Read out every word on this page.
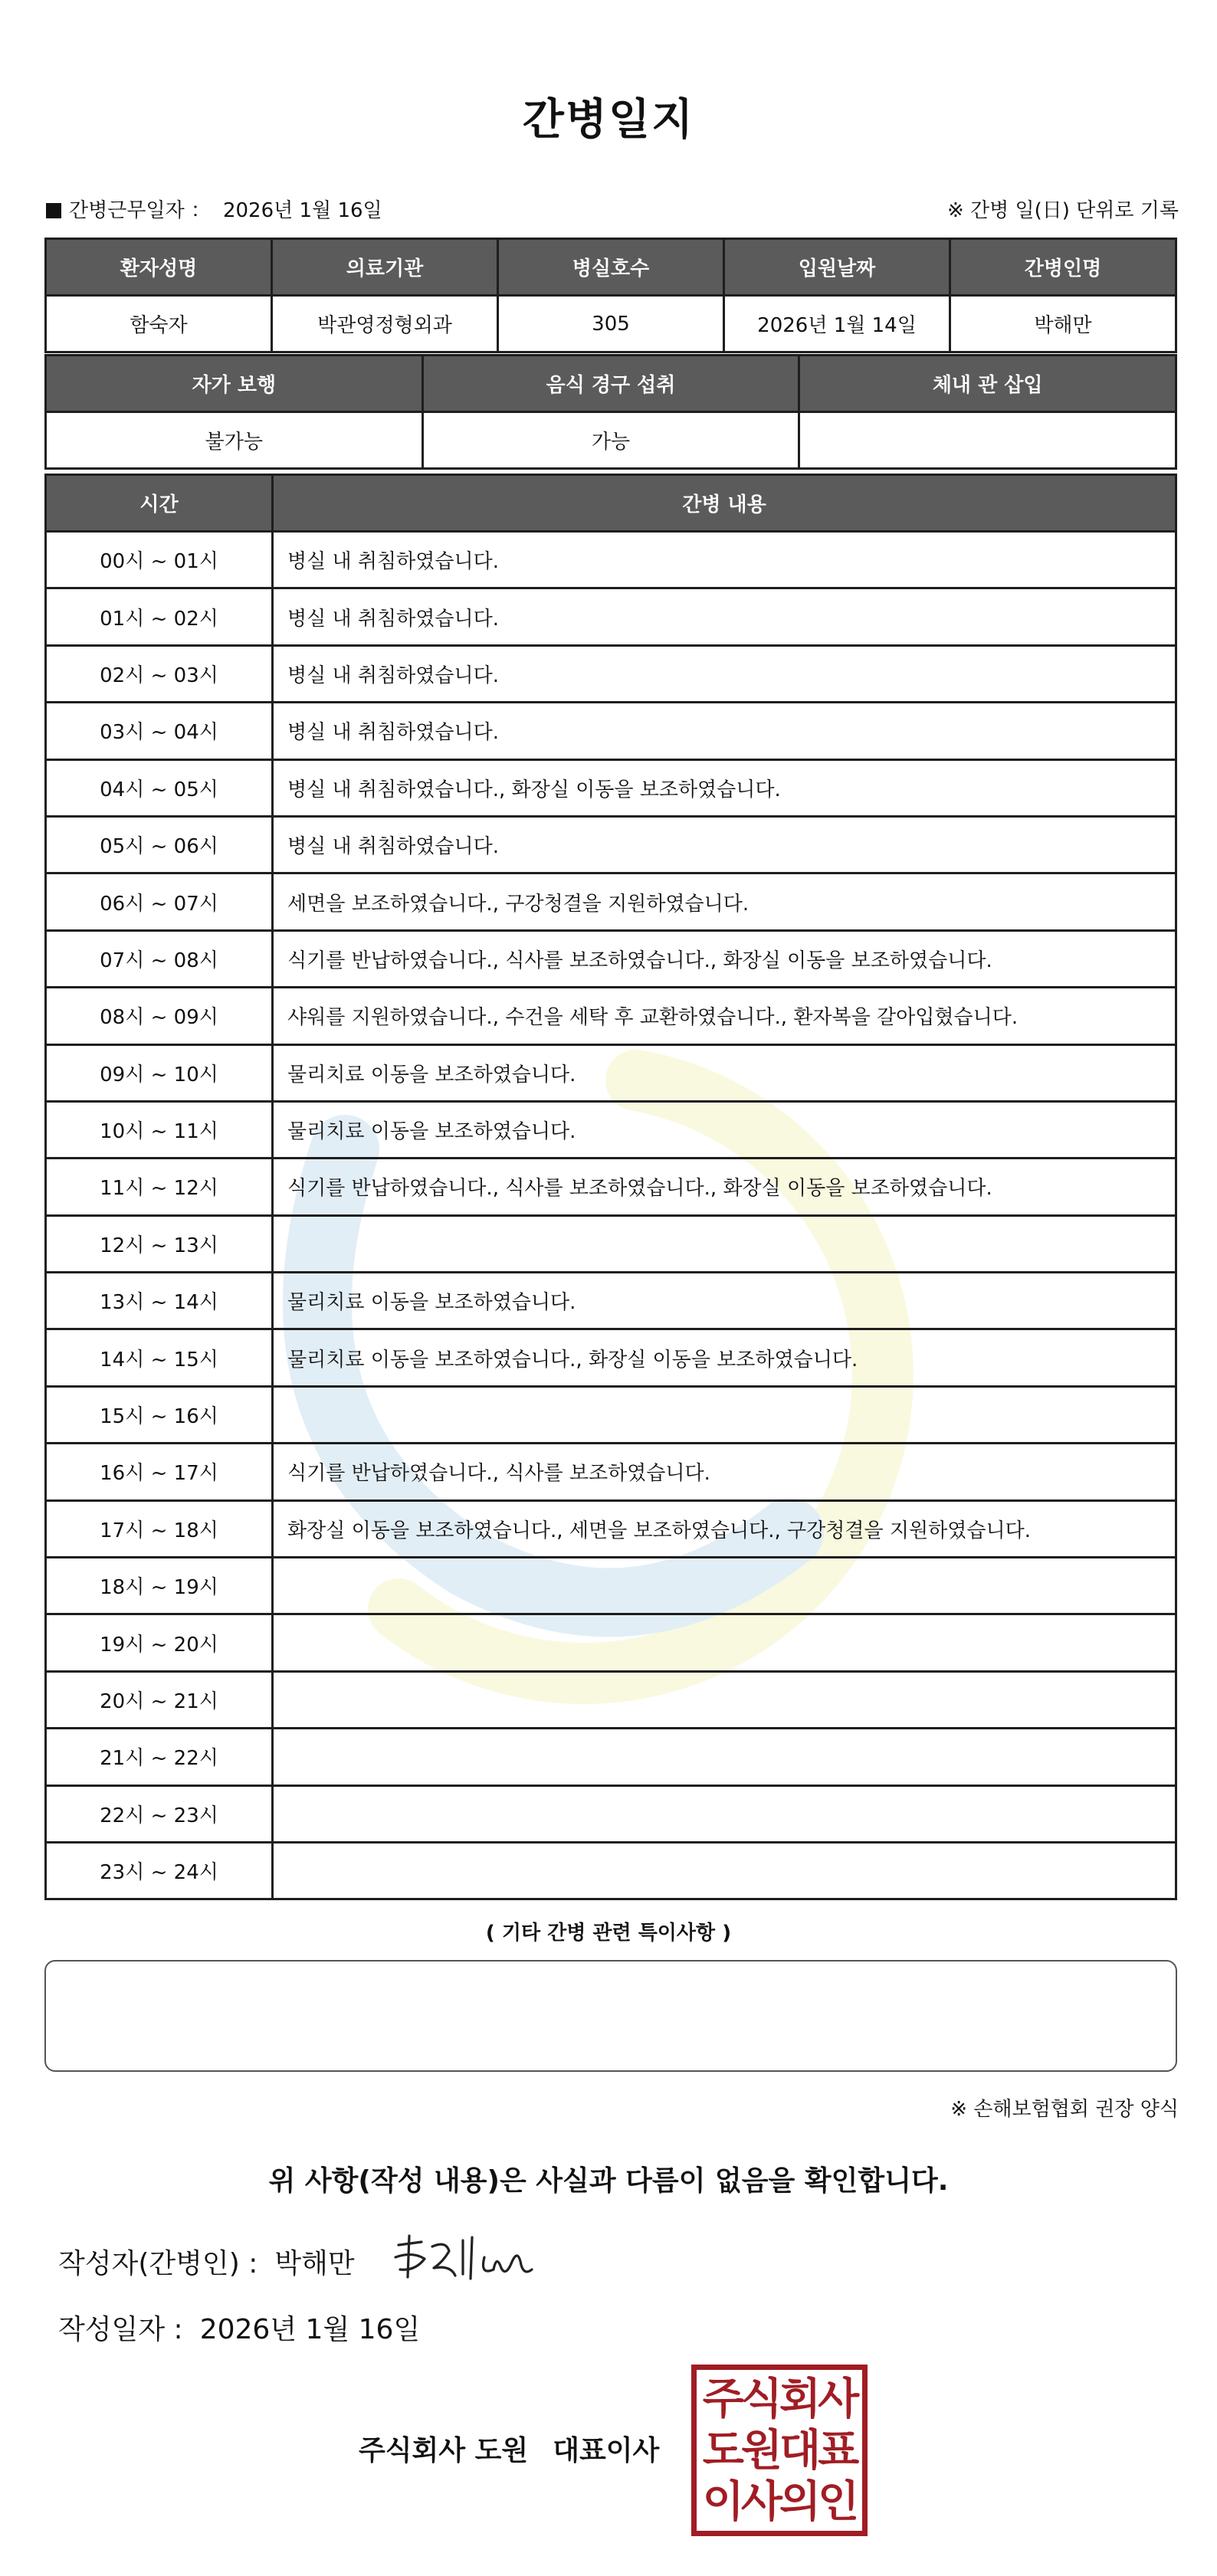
간병일지
간병근무일자 ： 2026년 1월 16일	※ 간병 일(日) 단위로 기록
환자성명	의료기관	병실호수	입원날짜	간병인명
함숙자	박관영정형외과	305	2026년 1월 14일	박해만
자가 보행	음식 경구 섭취	체내 관 삽입
불가능	가능	
시간	간병 내용
00시 ~ 01시	병실 내 취침하였습니다.
01시 ~ 02시	병실 내 취침하였습니다.
02시 ~ 03시	병실 내 취침하였습니다.
03시 ~ 04시	병실 내 취침하였습니다.
04시 ~ 05시	병실 내 취침하였습니다., 화장실 이동을 보조하였습니다.
05시 ~ 06시	병실 내 취침하였습니다.
06시 ~ 07시	세면을 보조하였습니다., 구강청결을 지원하였습니다.
07시 ~ 08시	식기를 반납하였습니다., 식사를 보조하였습니다., 화장실 이동을 보조하였습니다.
08시 ~ 09시	샤워를 지원하였습니다., 수건을 세탁 후 교환하였습니다., 환자복을 갈아입혔습니다.
09시 ~ 10시	물리치료 이동을 보조하였습니다.
10시 ~ 11시	물리치료 이동을 보조하였습니다.
11시 ~ 12시	식기를 반납하였습니다., 식사를 보조하였습니다., 화장실 이동을 보조하였습니다.
12시 ~ 13시	
13시 ~ 14시	물리치료 이동을 보조하였습니다.
14시 ~ 15시	물리치료 이동을 보조하였습니다., 화장실 이동을 보조하였습니다.
15시 ~ 16시	
16시 ~ 17시	식기를 반납하였습니다., 식사를 보조하였습니다.
17시 ~ 18시	화장실 이동을 보조하였습니다., 세면을 보조하였습니다., 구강청결을 지원하였습니다.
18시 ~ 19시	
19시 ~ 20시	
20시 ~ 21시	
21시 ~ 22시	
22시 ~ 23시	
23시 ~ 24시	
( 기타 간병 관련 특이사항 )
※ 손해보험협회 권장 양식
위 사항(작성 내용)은 사실과 다름이 없음을 확인합니다.
작성자(간병인) : 박해만
작성일자 : 2026년 1월 16일
주식회사 도원 대표이사
주식회사
도원대표
이사의인
